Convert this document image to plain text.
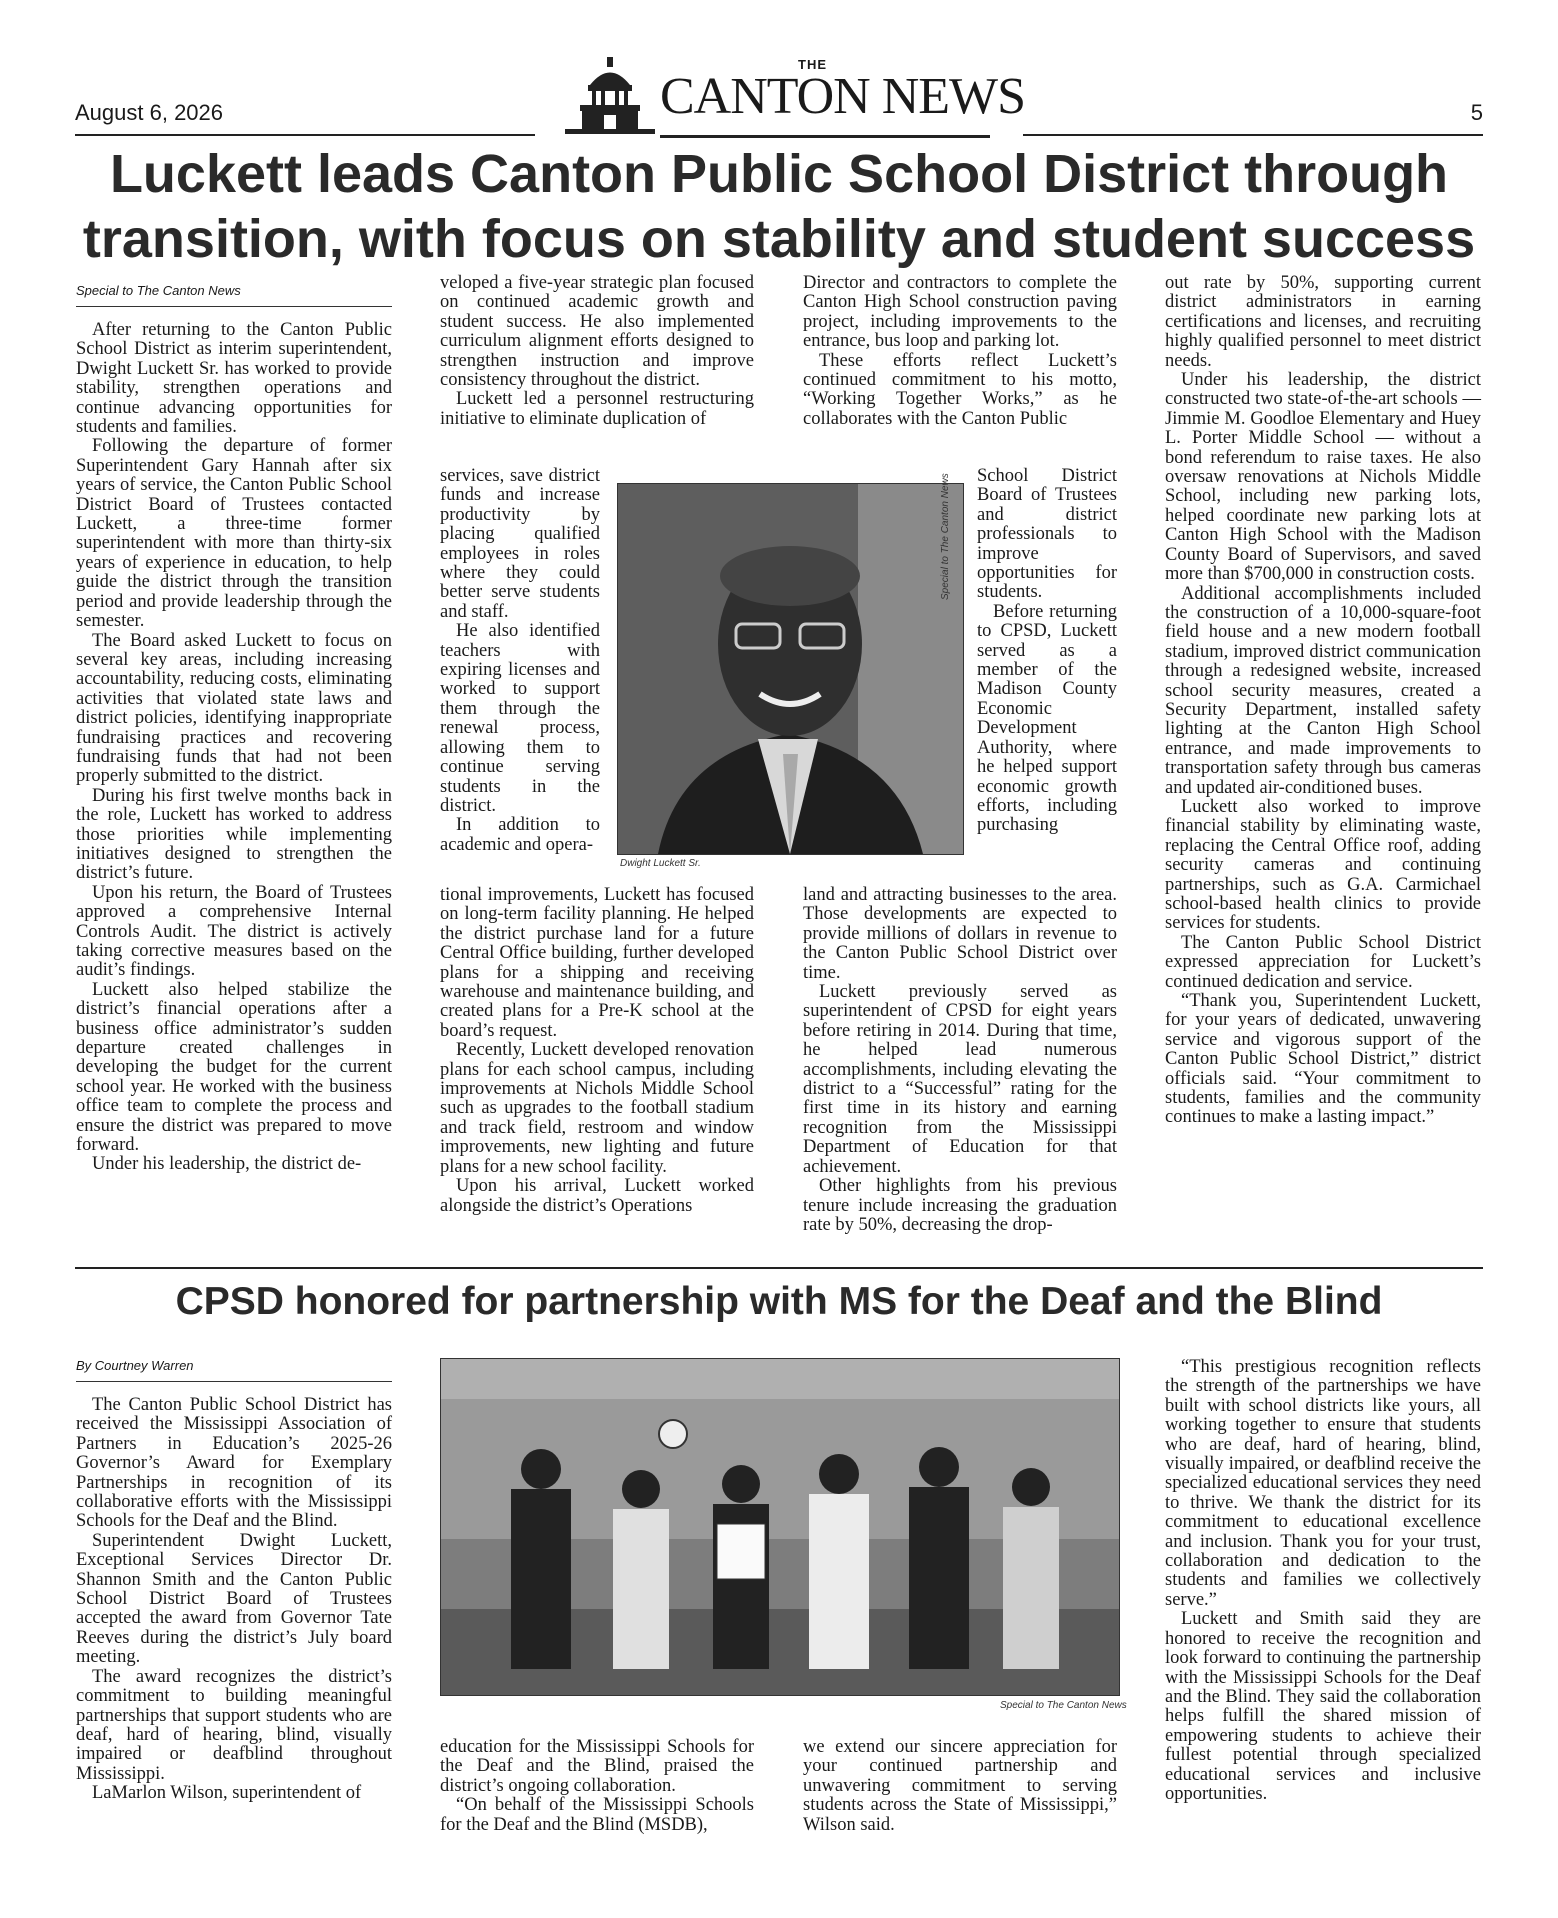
August 6, 2026	5
THE
CANTON NEWS
Luckett leads Canton Public School District through
transition, with focus on stability and student success
Special to The Canton News

After returning to the Canton Public School District as interim superintendent, Dwight Luckett Sr. has worked to provide stability, strengthen operations and continue advancing opportunities for students and families.

Following the departure of former Superintendent Gary Hannah after six years of service, the Canton Public School District Board of Trustees contacted Luckett, a three-time former superintendent with more than thirty-six years of experience in education, to help guide the district through the transition period and provide leadership through the semester.

The Board asked Luckett to focus on several key areas, including increasing accountability, reducing costs, eliminating activities that violated state laws and district policies, identifying inappropriate fundraising practices and recovering fundraising funds that had not been properly submitted to the district.

During his first twelve months back in the role, Luckett has worked to address those priorities while implementing initiatives designed to strengthen the district’s future.

Upon his return, the Board of Trustees approved a comprehensive Internal Controls Audit. The district is actively taking corrective measures based on the audit’s findings.

Luckett also helped stabilize the district’s financial operations after a business office administrator’s sudden departure created challenges in developing the budget for the current school year. He worked with the business office team to complete the process and ensure the district was prepared to move forward.

Under his leadership, the district de-

veloped a five-year strategic plan focused on continued academic growth and student success. He also implemented curriculum alignment efforts designed to strengthen instruction and improve consistency throughout the district.

Luckett led a personnel restructuring initiative to eliminate duplication of

services, save district funds and increase productivity by placing qualified employees in roles where they could better serve students and staff.

He also identified teachers with expiring licenses and worked to support them through the renewal process, allowing them to continue serving students in the district.

In addition to academic and opera-

tional improvements, Luckett has focused on long-term facility planning. He helped the district purchase land for a future Central Office building, further developed plans for a shipping and receiving warehouse and maintenance building, and created plans for a Pre-K school at the board’s request.

Recently, Luckett developed renovation plans for each school campus, including improvements at Nichols Middle School such as upgrades to the football stadium and track field, restroom and window improvements, new lighting and future plans for a new school facility.

Upon his arrival, Luckett worked alongside the district’s Operations

Director and contractors to complete the Canton High School construction paving project, including improvements to the entrance, bus loop and parking lot.

These efforts reflect Luckett’s continued commitment to his motto, “Working Together Works,” as he collaborates with the Canton Public

School District Board of Trustees and district professionals to improve opportunities for students.

Before returning to CPSD, Luckett served as a member of the Madison County Economic Development Authority, where he helped support economic growth efforts, including purchasing

land and attracting businesses to the area. Those developments are expected to provide millions of dollars in revenue to the Canton Public School District over time.

Luckett previously served as superintendent of CPSD for eight years before retiring in 2014. During that time, he helped lead numerous accomplishments, including elevating the district to a “Successful” rating for the first time in its history and earning recognition from the Mississippi Department of Education for that achievement.

Other highlights from his previous tenure include increasing the graduation rate by 50%, decreasing the drop-

out rate by 50%, supporting current district administrators in earning certifications and licenses, and recruiting highly qualified personnel to meet district needs.

Under his leadership, the district constructed two state-of-the-art schools — Jimmie M. Goodloe Elementary and Huey L. Porter Middle School — without a bond referendum to raise taxes. He also oversaw renovations at Nichols Middle School, including new parking lots, helped coordinate new parking lots at Canton High School with the Madison County Board of Supervisors, and saved more than $700,000 in construction costs.

Additional accomplishments included the construction of a 10,000-square-foot field house and a new modern football stadium, improved district communication through a redesigned website, increased school security measures, created a Security Department, installed safety lighting at the Canton High School entrance, and made improvements to transportation safety through bus cameras and updated air-conditioned buses.

Luckett also worked to improve financial stability by eliminating waste, replacing the Central Office roof, adding security cameras and continuing partnerships, such as G.A. Carmichael school-based health clinics to provide services for students.

The Canton Public School District expressed appreciation for Luckett’s continued dedication and service.

“Thank you, Superintendent Luckett, for your years of dedicated, unwavering service and vigorous support of the Canton Public School District,” district officials said. “Your commitment to students, families and the community continues to make a lasting impact.”

Dwight Luckett Sr.
Special to The Canton News
CPSD honored for partnership with MS for the Deaf and the Blind
By Courtney Warren

The Canton Public School District has received the Mississippi Association of Partners in Education’s 2025-26 Governor’s Award for Exemplary Partnerships in recognition of its collaborative efforts with the Mississippi Schools for the Deaf and the Blind.

Superintendent Dwight Luckett, Exceptional Services Director Dr. Shannon Smith and the Canton Public School District Board of Trustees accepted the award from Governor Tate Reeves during the district’s July board meeting.

The award recognizes the district’s commitment to building meaningful partnerships that support students who are deaf, hard of hearing, blind, visually impaired or deafblind throughout Mississippi.

LaMarlon Wilson, superintendent of

Special to The Canton News

education for the Mississippi Schools for the Deaf and the Blind, praised the district’s ongoing collaboration.

“On behalf of the Mississippi Schools for the Deaf and the Blind (MSDB),

we extend our sincere appreciation for your continued partnership and unwavering commitment to serving students across the State of Mississippi,” Wilson said.

“This prestigious recognition reflects the strength of the partnerships we have built with school districts like yours, all working together to ensure that students who are deaf, hard of hearing, blind, visually impaired, or deafblind receive the specialized educational services they need to thrive. We thank the district for its commitment to educational excellence and inclusion. Thank you for your trust, collaboration and dedication to the students and families we collectively serve.”

Luckett and Smith said they are honored to receive the recognition and look forward to continuing the partnership with the Mississippi Schools for the Deaf and the Blind. They said the collaboration helps fulfill the shared mission of empowering students to achieve their fullest potential through specialized educational services and inclusive opportunities.
